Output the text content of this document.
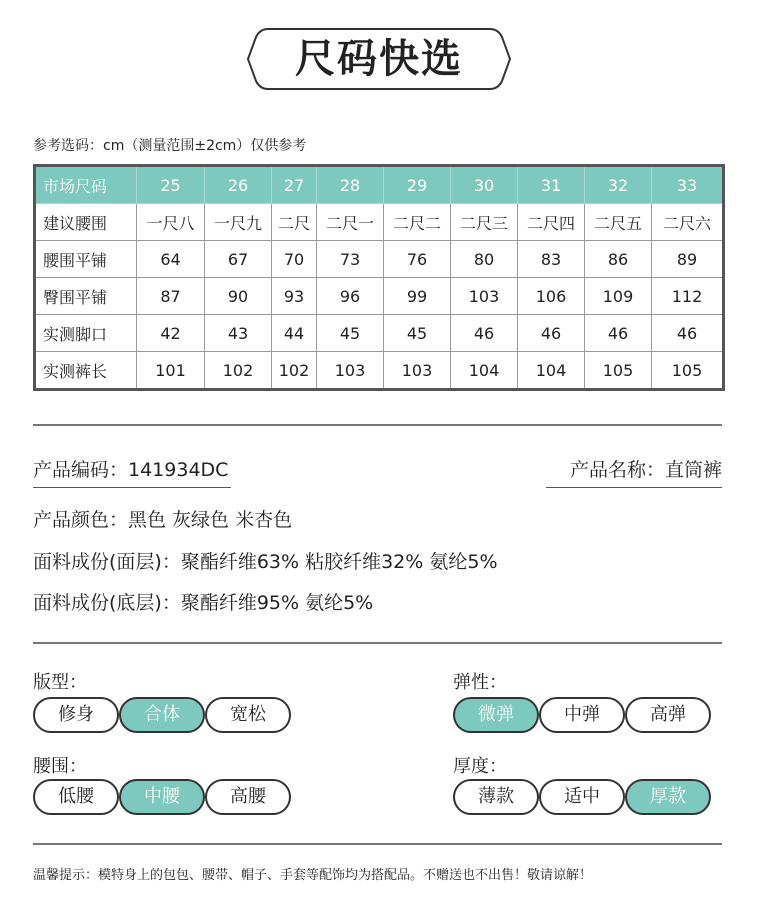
尺码快选
参考选码：cm（测量范围±2cm）仅供参考
市场尺码	25	26	27	28	29	30	31	32	33
建议腰围	一尺八	一尺九	二尺	二尺一	二尺二	二尺三	二尺四	二尺五	二尺六
腰围平铺	64	67	70	73	76	80	83	86	89
臀围平铺	87	90	93	96	99	103	106	109	112
实测脚口	42	43	44	45	45	46	46	46	46
实测裤长	101	102	102	103	103	104	104	105	105
产品编码：141934DC	产品名称：直筒裤
产品颜色：黑色 灰绿色 米杏色
面料成份(面层)：聚酯纤维63% 粘胶纤维32% 氨纶5%
面料成份(底层)：聚酯纤维95% 氨纶5%
版型：
修身	合体	宽松
弹性：
微弹	中弹	高弹
腰围：
低腰	中腰	高腰
厚度：
薄款	适中	厚款
温馨提示：模特身上的包包、腰带、帽子、手套等配饰均为搭配品。不赠送也不出售！敬请谅解！
